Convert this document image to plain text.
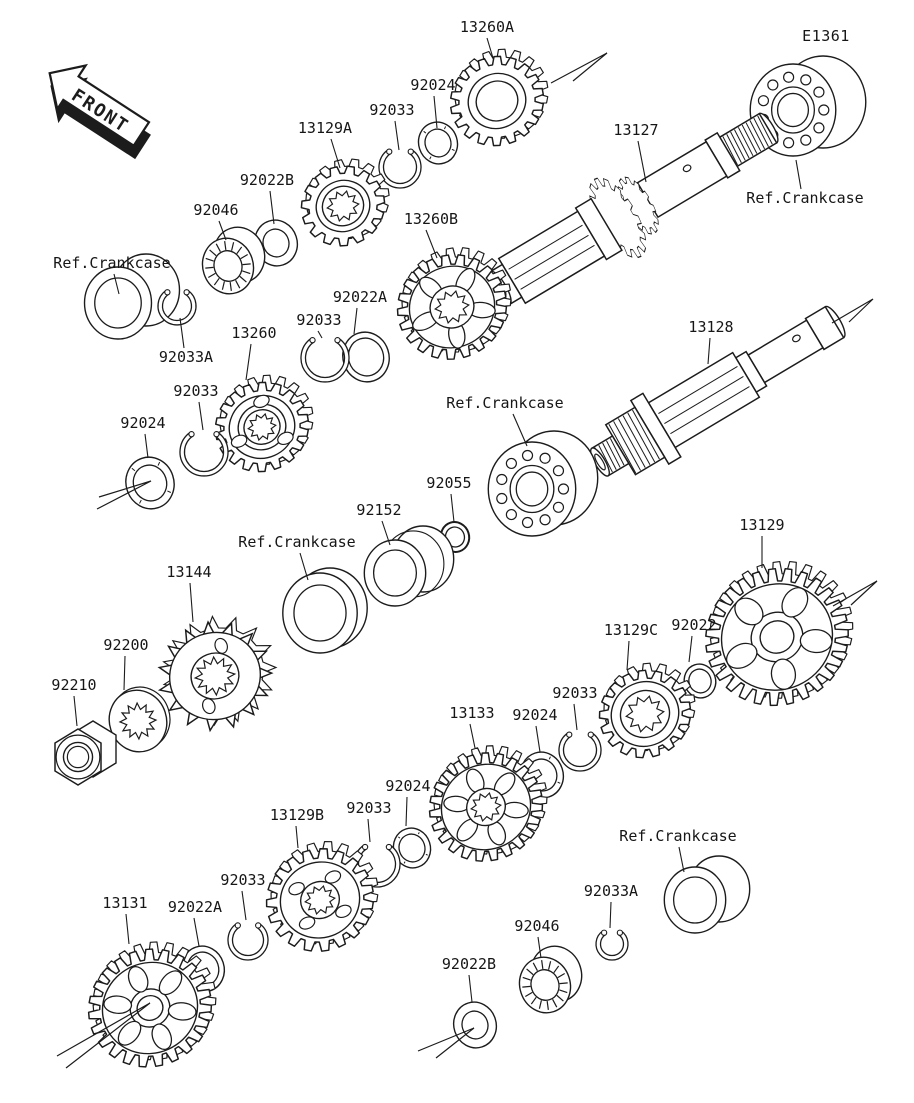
13260A
92024
92033
13129A
92022B
92046
13127
Ref.Crankcase
Ref.Crankcase
92033A
13260
92033
92024
13260B
92022A
92033	13128
Ref.Crankcase
92055
92152
Ref.Crankcase
13144
92200
92210
13129
13129C 92022
92033
92024
13133
92024
92033
13129B
Ref.Crankcase
92033A
92046
92022B
92033
92022A
13131
FRONT
E1361
